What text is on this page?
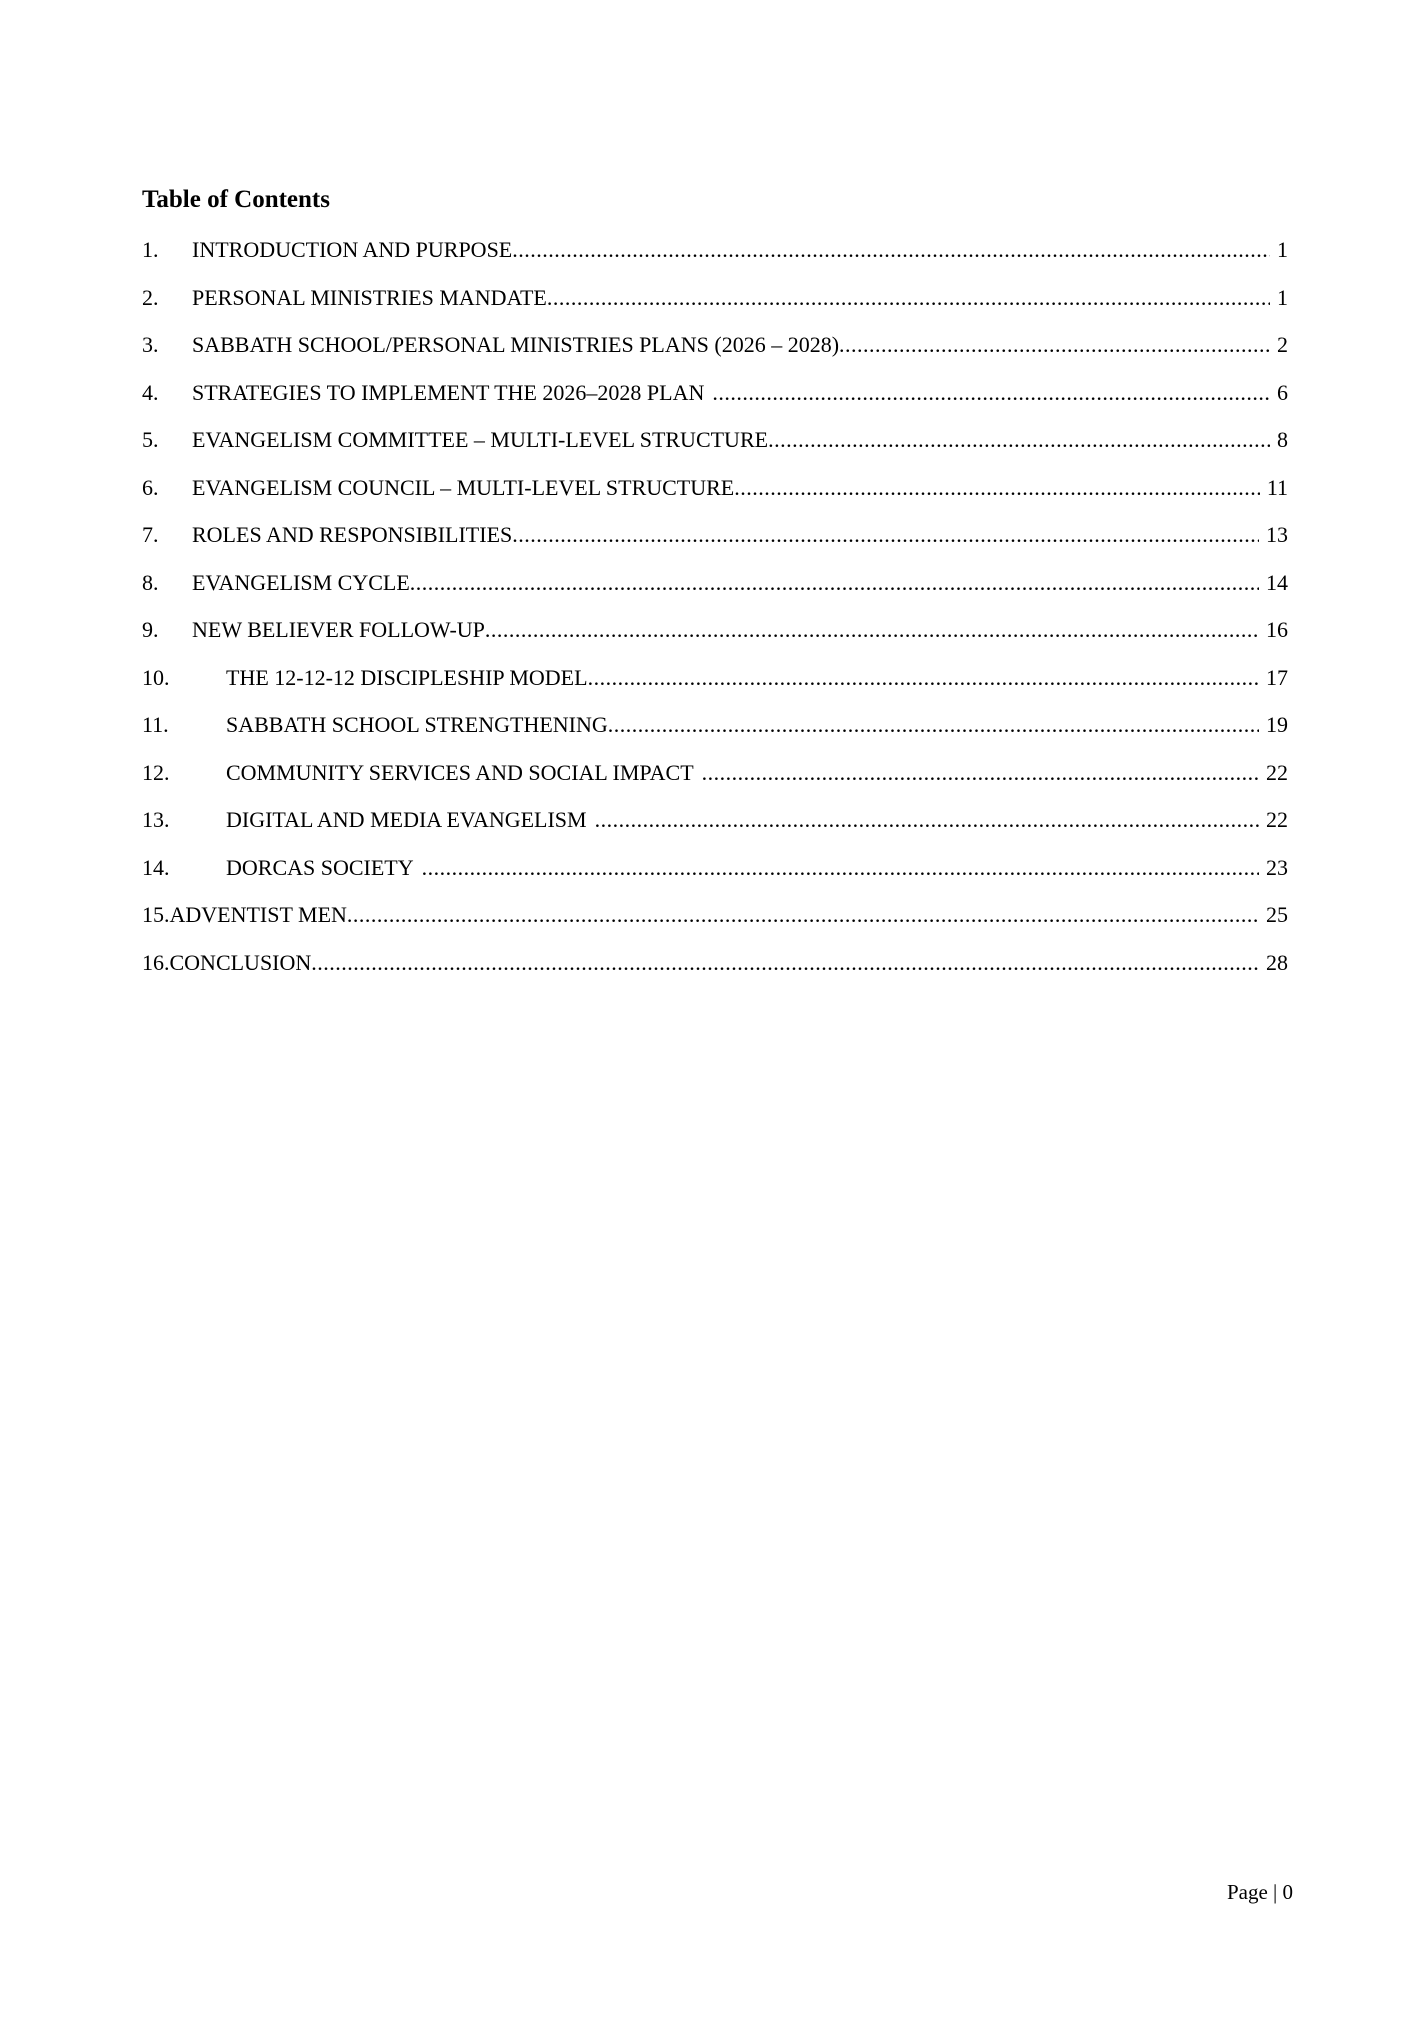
Table of Contents
1.	INTRODUCTION AND PURPOSE .....	1
2.	PERSONAL MINISTRIES MANDATE .....	1
3.	SABBATH SCHOOL/PERSONAL MINISTRIES PLANS (2026 – 2028) .....	2
4.	STRATEGIES TO IMPLEMENT THE 2026–2028 PLAN .....	6
5.	EVANGELISM COMMITTEE – MULTI-LEVEL STRUCTURE .....	8
6.	EVANGELISM COUNCIL – MULTI-LEVEL STRUCTURE .....	11
7.	ROLES AND RESPONSIBILITIES .....	13
8.	EVANGELISM CYCLE .....	14
9.	NEW BELIEVER FOLLOW-UP .....	16
10.	THE 12-12-12 DISCIPLESHIP MODEL .....	17
11.	SABBATH SCHOOL STRENGTHENING .....	19
12.	COMMUNITY SERVICES AND SOCIAL IMPACT .....	22
13.	DIGITAL AND MEDIA EVANGELISM .....	22
14.	DORCAS SOCIETY .....	23
15. ADVENTIST MEN .....	25
16. CONCLUSION .....	28
Page | 0
